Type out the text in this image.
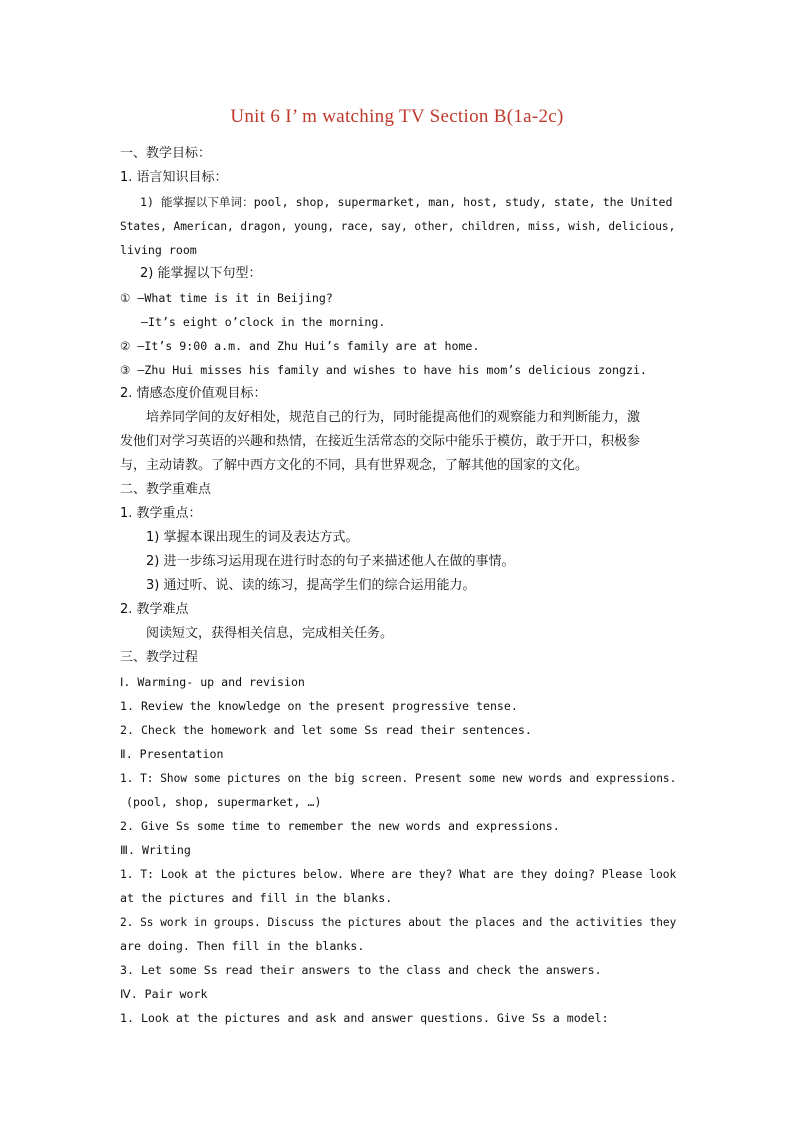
Unit 6 I’ m watching TV Section B(1a-2c)
一、教学目标：
1. 语言知识目标：
1) 能掌握以下单词：pool, shop, supermarket, man, host, study, state, the United
States, American, dragon, young, race, say, other, children, miss, wish, delicious,
living room
2) 能掌握以下句型：
① —What time is it in Beijing?
—It’s eight o’clock in the morning.
② —It’s 9:00 a.m. and Zhu Hui’s family are at home.
③ —Zhu Hui misses his family and wishes to have his mom’s delicious zongzi.
2. 情感态度价值观目标：
培养同学间的友好相处，规范自己的行为，同时能提高他们的观察能力和判断能力，激
发他们对学习英语的兴趣和热情，在接近生活常态的交际中能乐于模仿，敢于开口，积极参
与，主动请教。了解中西方文化的不同，具有世界观念，了解其他的国家的文化。
二、教学重难点
1. 教学重点：
1) 掌握本课出现生的词及表达方式。
2) 进一步练习运用现在进行时态的句子来描述他人在做的事情。
3) 通过听、说、读的练习，提高学生们的综合运用能力。
2. 教学难点
阅读短文，获得相关信息，完成相关任务。
三、教学过程
Ⅰ. Warming- up and revision
1. Review the knowledge on the present progressive tense.
2. Check the homework and let some Ss read their sentences.
Ⅱ. Presentation
1. T: Show some pictures on the big screen. Present some new words and expressions.
(pool, shop, supermarket, …)
2. Give Ss some time to remember the new words and expressions.
Ⅲ. Writing
1. T: Look at the pictures below. Where are they? What are they doing? Please look
at the pictures and fill in the blanks.
2. Ss work in groups. Discuss the pictures about the places and the activities they
are doing. Then fill in the blanks.
3. Let some Ss read their answers to the class and check the answers.
Ⅳ. Pair work
1. Look at the pictures and ask and answer questions. Give Ss a model:
